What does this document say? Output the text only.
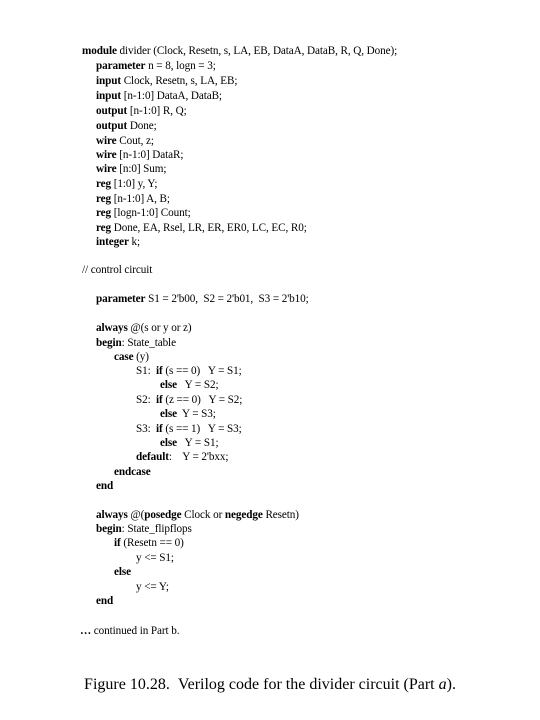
module divider (Clock, Resetn, s, LA, EB, DataA, DataB, R, Q, Done);
parameter n = 8, logn = 3;
input Clock, Resetn, s, LA, EB;
input [n-1:0] DataA, DataB;
output [n-1:0] R, Q;
output Done;
wire Cout, z;
wire [n-1:0] DataR;
wire [n:0] Sum;
reg [1:0] y, Y;
reg [n-1:0] A, B;
reg [logn-1:0] Count;
reg Done, EA, Rsel, LR, ER, ER0, LC, EC, R0;
integer k;
// control circuit
parameter S1 = 2'b00,  S2 = 2'b01,  S3 = 2'b10;
always @(s or y or z)
begin: State_table
case (y)
S1:  if (s == 0)   Y = S1;
else   Y = S2;
S2:  if (z == 0)   Y = S2;
else  Y = S3;
S3:  if (s == 1)   Y = S3;
else   Y = S1;
default:    Y = 2'bxx;
endcase
end
always @(posedge Clock or negedge Resetn)
begin: State_flipflops
if (Resetn == 0)
y <= S1;
else
y <= Y;
end
… continued in Part b.
Figure 10.28. Verilog code for the divider circuit (Part a).
